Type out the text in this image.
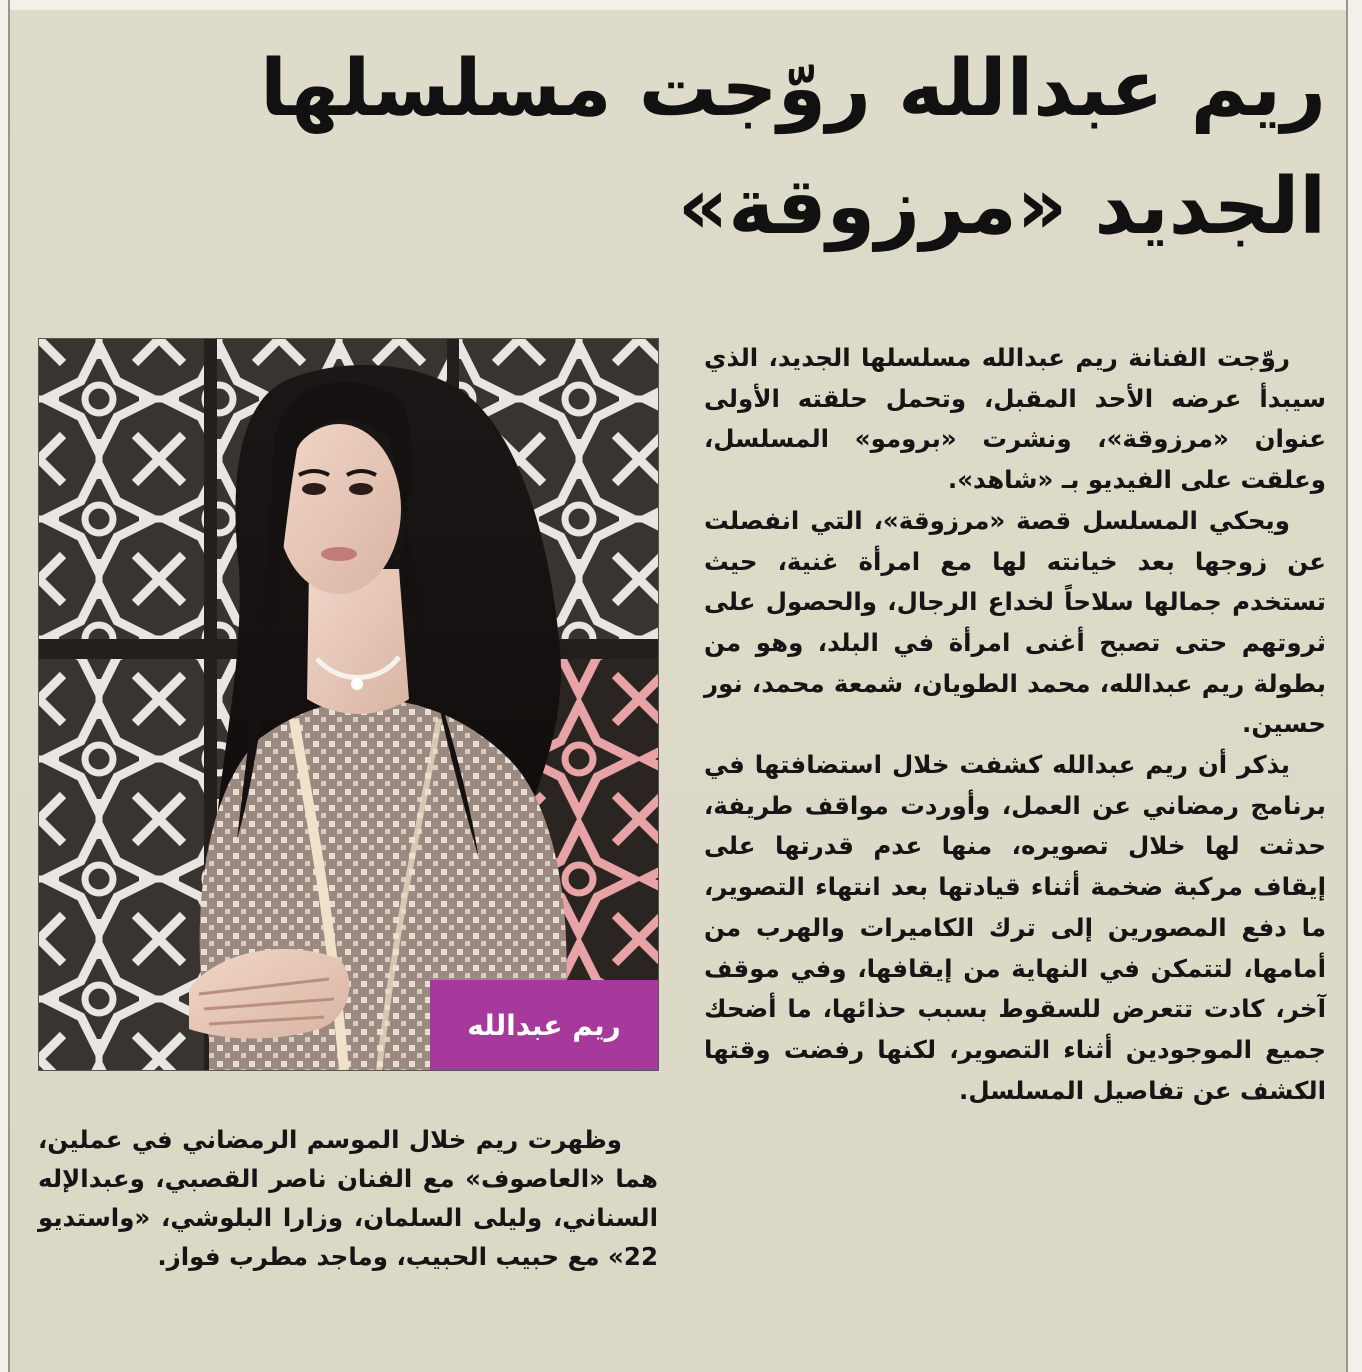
ريم عبدالله روّجت مسلسلها
الجديد «مرزوقة»

روّجت الفنانة ريم عبدالله مسلسلها الجديد، الذي سيبدأ عرضه الأحد المقبل، وتحمل حلقته الأولى عنوان «مرزوقة»، ونشرت «برومو» المسلسل، وعلقت على الفيديو بـ «شاهد».

ويحكي المسلسل قصة «مرزوقة»، التي انفصلت عن زوجها بعد خيانته لها مع امرأة غنية، حيث تستخدم جمالها سلاحاً لخداع الرجال، والحصول على ثروتهم حتى تصبح أغنى امرأة في البلد، وهو من بطولة ريم عبدالله، محمد الطويان، شمعة محمد، نور حسين.

يذكر أن ريم عبدالله كشفت خلال استضافتها في برنامج رمضاني عن العمل، وأوردت مواقف طريفة، حدثت لها خلال تصويره، منها عدم قدرتها على إيقاف مركبة ضخمة أثناء قيادتها بعد انتهاء التصوير، ما دفع المصورين إلى ترك الكاميرات والهرب من أمامها، لتتمكن في النهاية من إيقافها، وفي موقف آخر، كادت تتعرض للسقوط بسبب حذائها، ما أضحك جميع الموجودين أثناء التصوير، لكنها رفضت وقتها الكشف عن تفاصيل المسلسل.

ريم عبدالله

وظهرت ريم خلال الموسم الرمضاني في عملين، هما «العاصوف» مع الفنان ناصر القصبي، وعبدالإله السناني، وليلى السلمان، وزارا البلوشي، «واستديو 22» مع حبيب الحبيب، وماجد مطرب فواز.
